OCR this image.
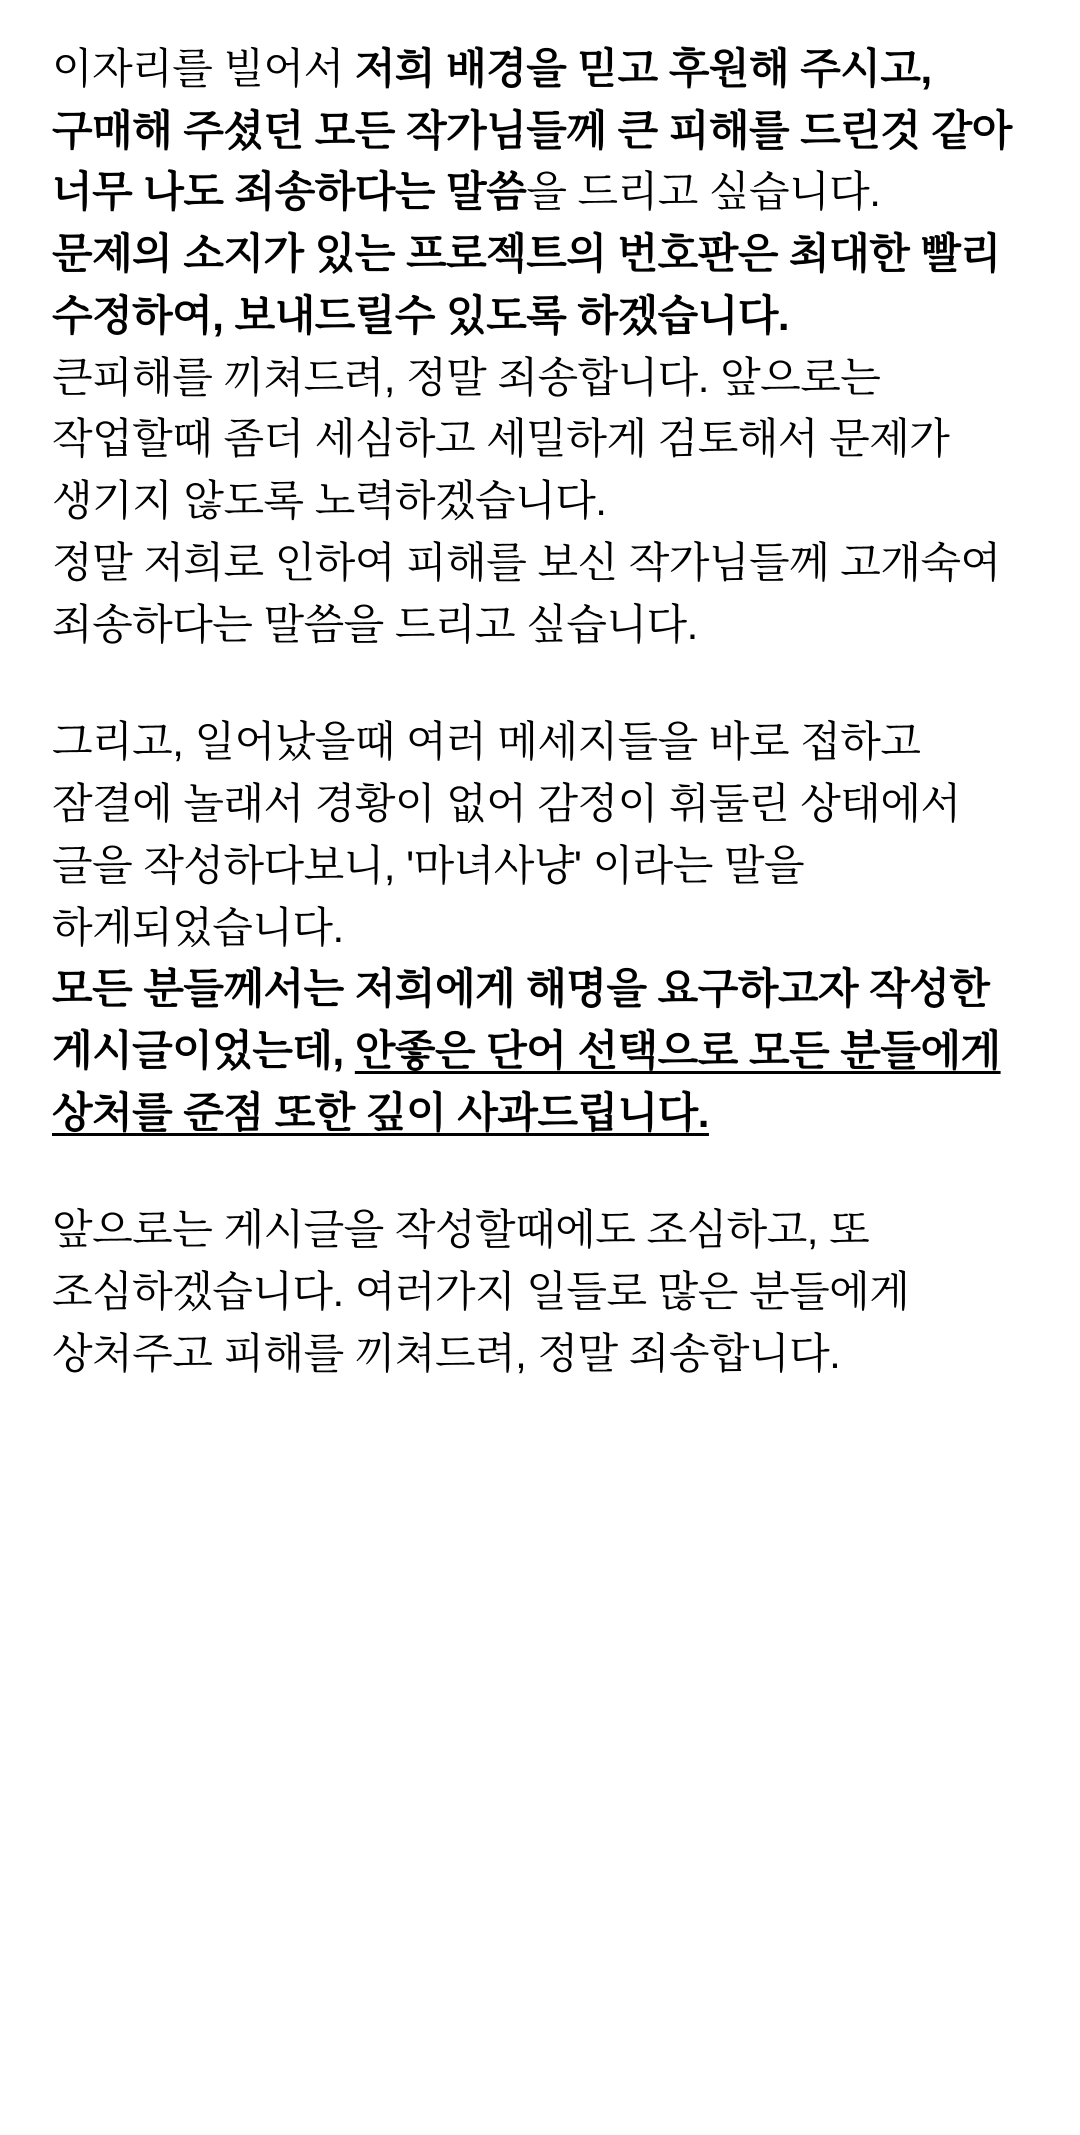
이자리를 빌어서 저희 배경을 믿고 후원해 주시고, 구매해 주셨던 모든 작가님들께 큰 피해를 드린것 같아 너무 나도 죄송하다는 말씀을 드리고 싶습니다.

문제의 소지가 있는 프로젝트의 번호판은 최대한 빨리 수정하여, 보내드릴수 있도록 하겠습니다.

큰피해를 끼쳐드려, 정말 죄송합니다. 앞으로는 작업할때 좀더 세심하고 세밀하게 검토해서 문제가 생기지 않도록 노력하겠습니다.

정말 저희로 인하여 피해를 보신 작가님들께 고개숙여 죄송하다는 말씀을 드리고 싶습니다.

그리고, 일어났을때 여러 메세지들을 바로 접하고 잠결에 놀래서 경황이 없어 감정이 휘둘린 상태에서 글을 작성하다보니, '마녀사냥' 이라는 말을 하게되었습니다.

모든 분들께서는 저희에게 해명을 요구하고자 작성한 게시글이었는데, 안좋은 단어 선택으로 모든 분들에게 상처를 준점 또한 깊이 사과드립니다.

앞으로는 게시글을 작성할때에도 조심하고, 또 조심하겠습니다. 여러가지 일들로 많은 분들에게 상처주고 피해를 끼쳐드려, 정말 죄송합니다.
